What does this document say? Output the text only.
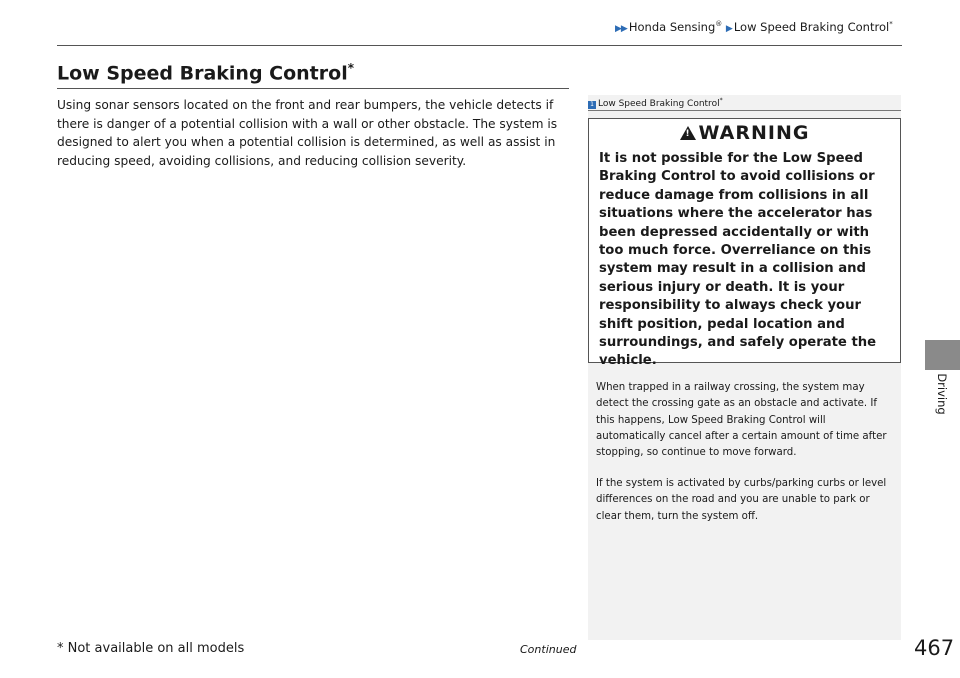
▶▶ Honda Sensing® ▶ Low Speed Braking Control*
Low Speed Braking Control*

Using sonar sensors located on the front and rear bumpers, the vehicle detects if there is danger of a potential collision with a wall or other obstacle. The system is designed to alert you when a potential collision is determined, as well as assist in reducing speed, avoiding collisions, and reducing collision severity.

1 Low Speed Braking Control*
!WARNING

It is not possible for the Low Speed Braking Control to avoid collisions or reduce damage from collisions in all situations where the accelerator has been depressed accidentally or with too much force. Overreliance on this system may result in a collision and serious injury or death. It is your responsibility to always check your shift position, pedal location and surroundings, and safely operate the vehicle.

When trapped in a railway crossing, the system may detect the crossing gate as an obstacle and activate. If this happens, Low Speed Braking Control will automatically cancel after a certain amount of time after stopping, so continue to move forward.

If the system is activated by curbs/parking curbs or level differences on the road and you are unable to park or clear them, turn the system off.

Driving
* Not available on all models	Continued	467
